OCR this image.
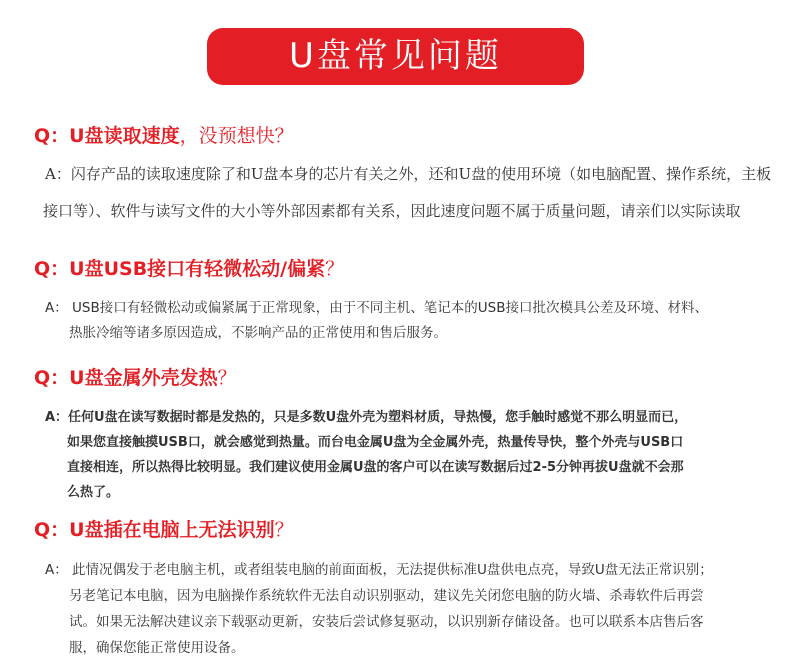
U盘常见问题
Q：U盘读取速度，没预想快？
A：闪存产品的读取速度除了和U盘本身的芯片有关之外，还和U盘的使用环境（如电脑配置、操作系统，主板
接口等）、软件与读写文件的大小等外部因素都有关系，因此速度问题不属于质量问题，请亲们以实际读取
Q：U盘USB接口有轻微松动/偏紧？
A： USB接口有轻微松动或偏紧属于正常现象，由于不同主机、笔记本的USB接口批次模具公差及环境、材料、
热胀冷缩等诸多原因造成，不影响产品的正常使用和售后服务。
Q：U盘金属外壳发热？
A：任何U盘在读写数据时都是发热的，只是多数U盘外壳为塑料材质，导热慢，您手触时感觉不那么明显而已，
如果您直接触摸USB口，就会感觉到热量。而台电金属U盘为全金属外壳，热量传导快，整个外壳与USB口
直接相连，所以热得比较明显。我们建议使用金属U盘的客户可以在读写数据后过2-5分钟再拔U盘就不会那
么热了。
Q：U盘插在电脑上无法识别？
A： 此情况偶发于老电脑主机，或者组装电脑的前面面板，无法提供标准U盘供电点亮，导致U盘无法正常识别；
另老笔记本电脑，因为电脑操作系统软件无法自动识别驱动，建议先关闭您电脑的防火墙、杀毒软件后再尝
试。如果无法解决建议亲下载驱动更新，安装后尝试修复驱动，以识别新存储设备。也可以联系本店售后客
服，确保您能正常使用设备。
